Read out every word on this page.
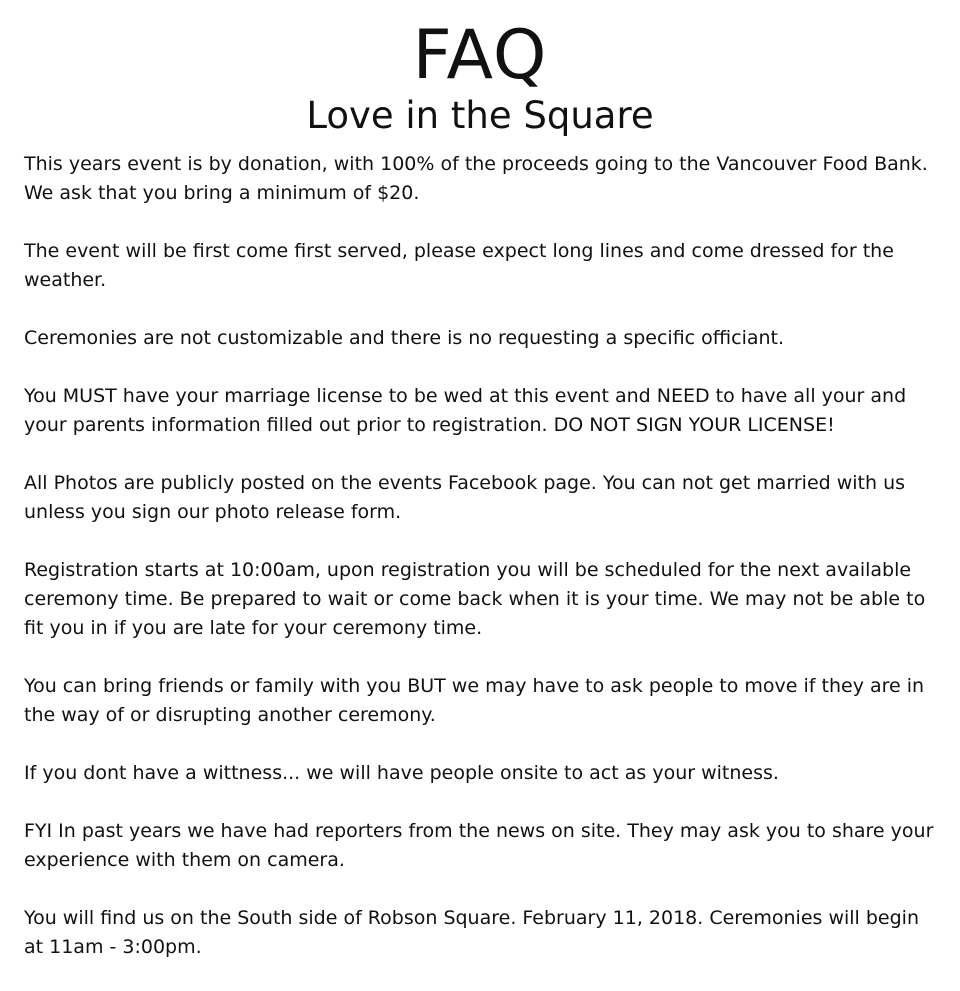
FAQ
Love in the Square

This years event is by donation, with 100% of the proceeds going to the Vancouver Food Bank. We ask that you bring a minimum of $20.

The event will be first come first served, please expect long lines and come dressed for the weather.

Ceremonies are not customizable and there is no requesting a specific officiant.

You MUST have your marriage license to be wed at this event and NEED to have all your and your parents information filled out prior to registration. DO NOT SIGN YOUR LICENSE!

All Photos are publicly posted on the events Facebook page. You can not get married with us unless you sign our photo release form.

Registration starts at 10:00am, upon registration you will be scheduled for the next available ceremony time. Be prepared to wait or come back when it is your time. We may not be able to fit you in if you are late for your ceremony time.

You can bring friends or family with you BUT we may have to ask people to move if they are in the way of or disrupting another ceremony.

If you dont have a wittness... we will have people onsite to act as your witness.

FYI In past years we have had reporters from the news on site. They may ask you to share your experience with them on camera.

You will find us on the South side of Robson Square. February 11, 2018. Ceremonies will begin at 11am - 3:00pm.
